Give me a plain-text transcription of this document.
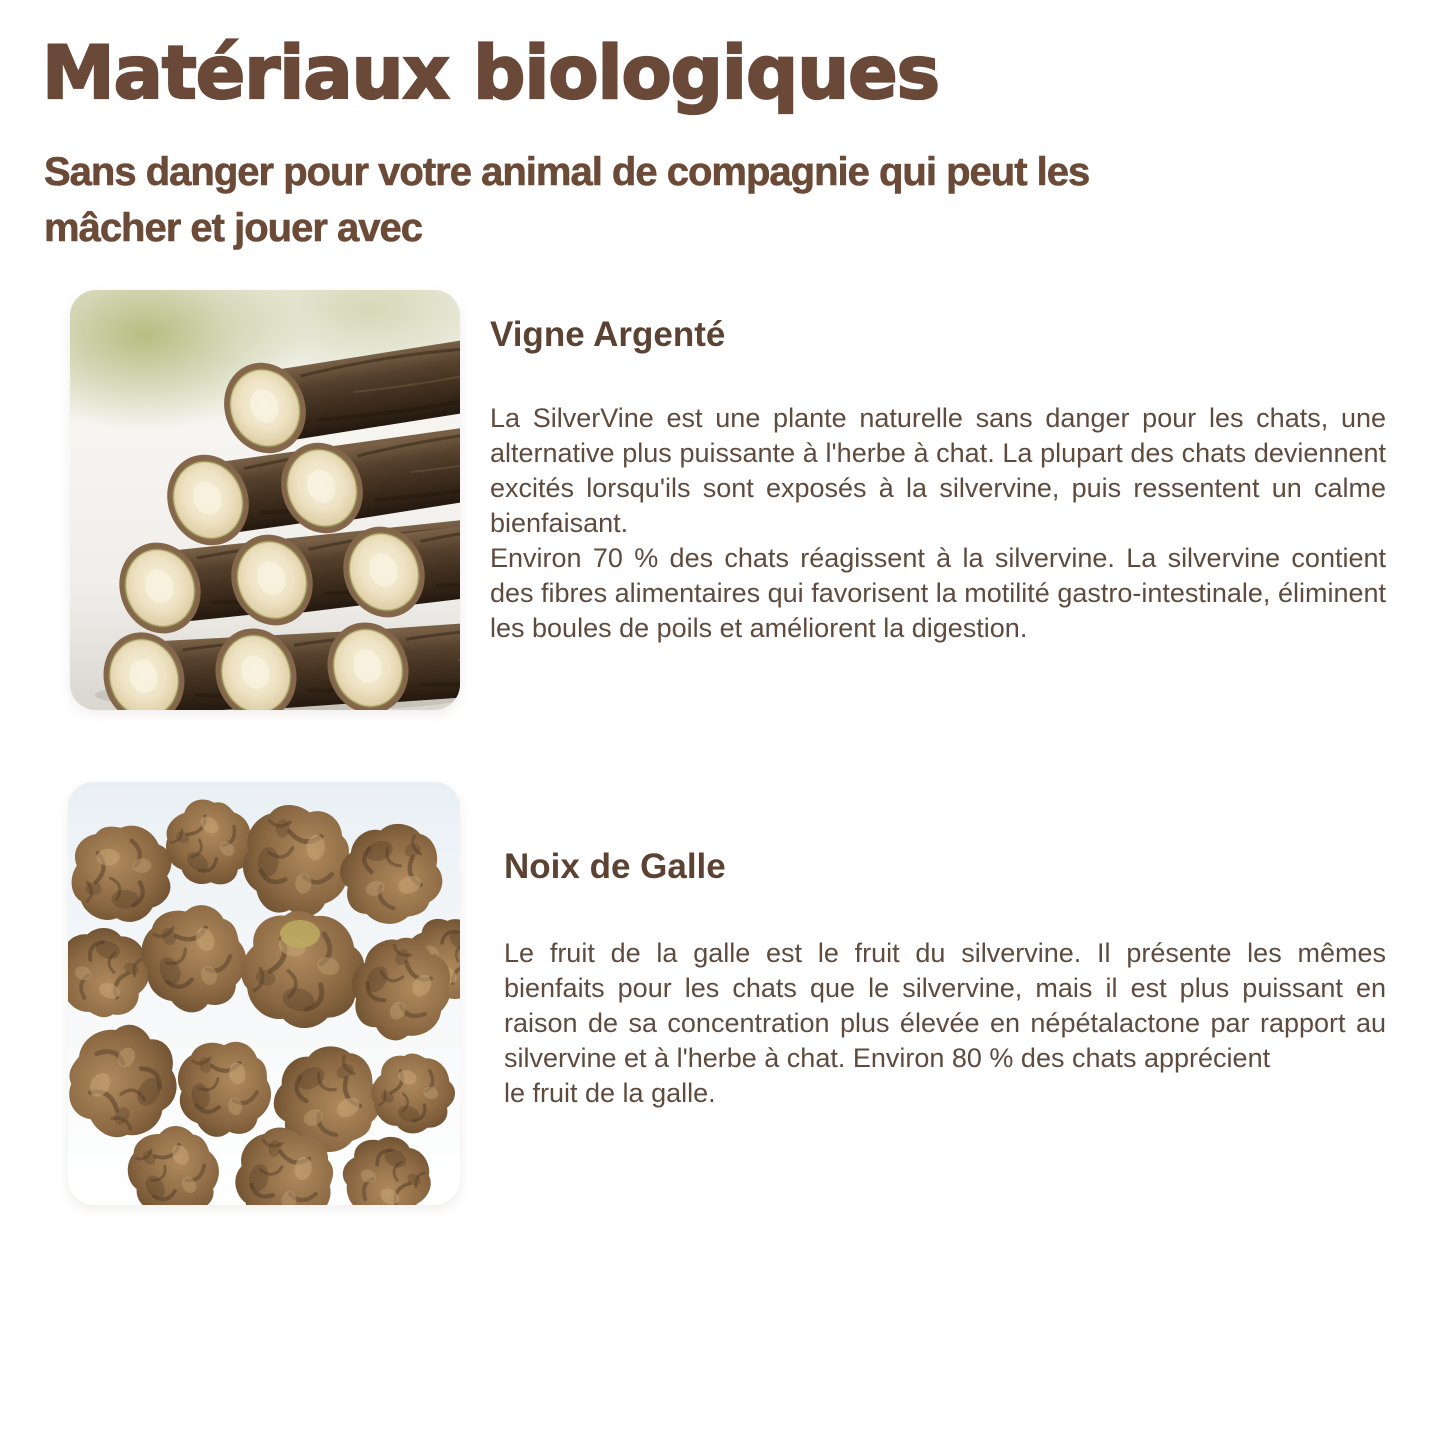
Matériaux biologiques

Sans danger pour votre animal de compagnie qui peut les mâcher et jouer avec

Vigne Argenté

La SilverVine est une plante naturelle sans danger pour les chats, une alternative plus puissante à l'herbe à chat. La plupart des chats deviennent excités lorsqu'ils sont exposés à la silvervine, puis ressentent un calme bienfaisant.

Environ 70 % des chats réagissent à la silvervine. La silvervine contient des fibres alimentaires qui favorisent la motilité gastro-intestinale, éliminent les boules de poils et améliorent la digestion.

Noix de Galle

Le fruit de la galle est le fruit du silvervine. Il présente les mêmes bienfaits pour les chats que le silvervine, mais il est plus puissant en raison de sa concentration plus élevée en népétalactone par rapport au silvervine et à l'herbe à chat. Environ 80 % des chats apprécient

le fruit de la galle.
